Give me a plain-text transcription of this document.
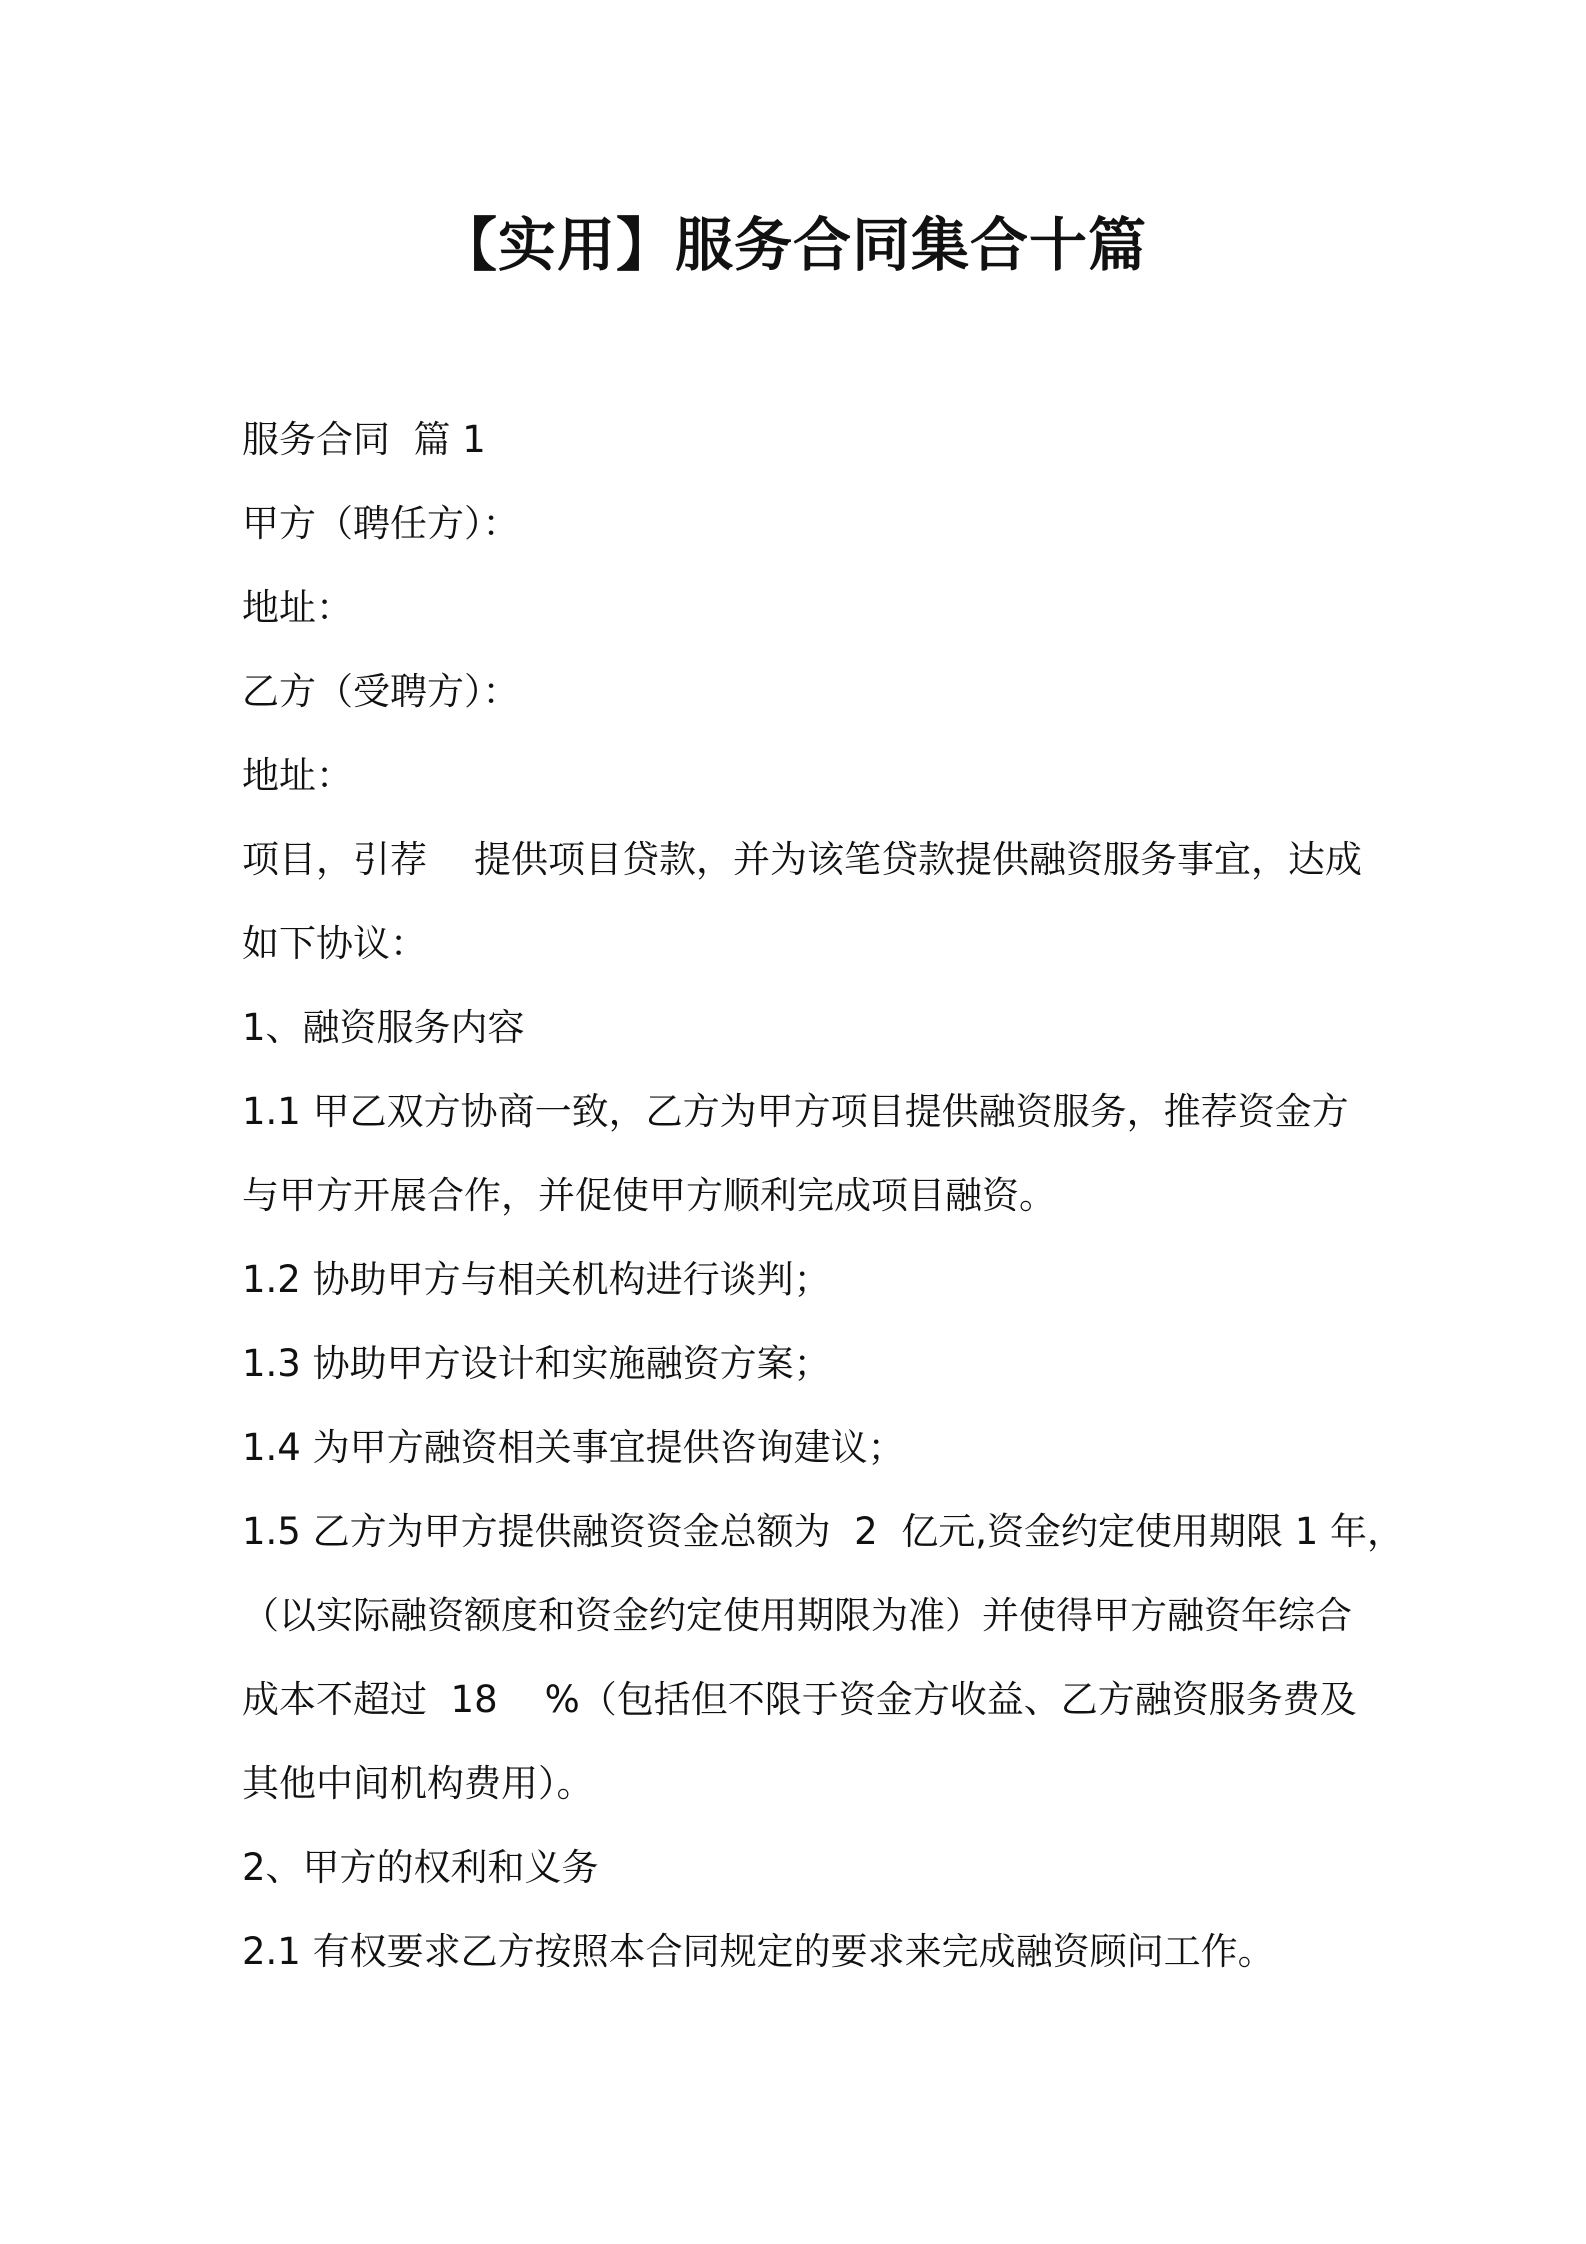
【实用】服务合同集合十篇

服务合同  篇 1

甲方（聘任方）：

地址：

乙方（受聘方）：

地址：

项目，引荐    提供项目贷款，并为该笔贷款提供融资服务事宜，达成

如下协议：

1、融资服务内容

1.1 甲乙双方协商一致，乙方为甲方项目提供融资服务，推荐资金方

与甲方开展合作，并促使甲方顺利完成项目融资。

1.2 协助甲方与相关机构进行谈判；

1.3 协助甲方设计和实施融资方案；

1.4 为甲方融资相关事宜提供咨询建议；

1.5 乙方为甲方提供融资资金总额为  2  亿元,资金约定使用期限 1 年，

（以实际融资额度和资金约定使用期限为准）并使得甲方融资年综合

成本不超过  18    %（包括但不限于资金方收益、乙方融资服务费及

其他中间机构费用）。

2、甲方的权利和义务

2.1 有权要求乙方按照本合同规定的要求来完成融资顾问工作。
